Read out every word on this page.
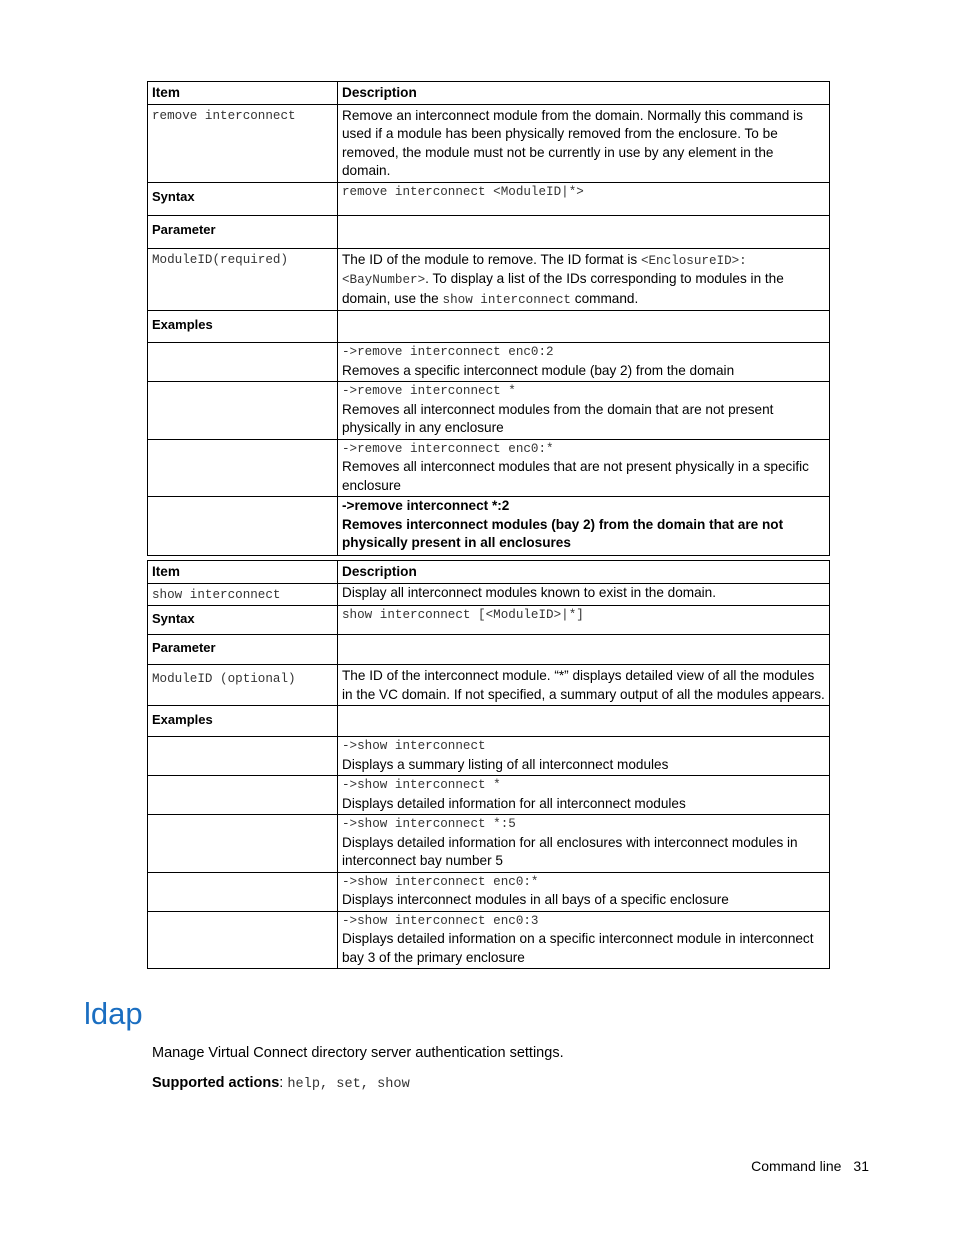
Item	Description
remove interconnect	Remove an interconnect module from the domain. Normally this command is used if a module has been physically removed from the enclosure. To be removed, the module must not be currently in use by any element in the domain.
Syntax	remove interconnect <ModuleID|*>
Parameter	
ModuleID(required)	The ID of the module to remove. The ID format is <EnclosureID>:<BayNumber>. To display a list of the IDs corresponding to modules in the domain, use the show interconnect command.
Examples	

	->remove interconnect enc0:2
Removes a specific interconnect module (bay 2) from the domain

	->remove interconnect *
Removes all interconnect modules from the domain that are not present physically in any enclosure

	->remove interconnect enc0:*
Removes all interconnect modules that are not present physically in a specific enclosure

	->remove interconnect *:2
Removes interconnect modules (bay 2) from the domain that are not physically present in all enclosures
Item	Description
show interconnect	Display all interconnect modules known to exist in the domain.
Syntax	show interconnect [<ModuleID>|*]
Parameter	
ModuleID (optional)	The ID of the interconnect module. “*” displays detailed view of all the modules in the VC domain. If not specified, a summary output of all the modules appears.
Examples	

	->show interconnect
Displays a summary listing of all interconnect modules

	->show interconnect *
Displays detailed information for all interconnect modules

	->show interconnect *:5
Displays detailed information for all enclosures with interconnect modules in interconnect bay number 5

	->show interconnect enc0:*
Displays interconnect modules in all bays of a specific enclosure

	->show interconnect enc0:3
Displays detailed information on a specific interconnect module in interconnect bay 3 of the primary enclosure
ldap

Manage Virtual Connect directory server authentication settings.

Supported actions: help, set, show

Command line 31
